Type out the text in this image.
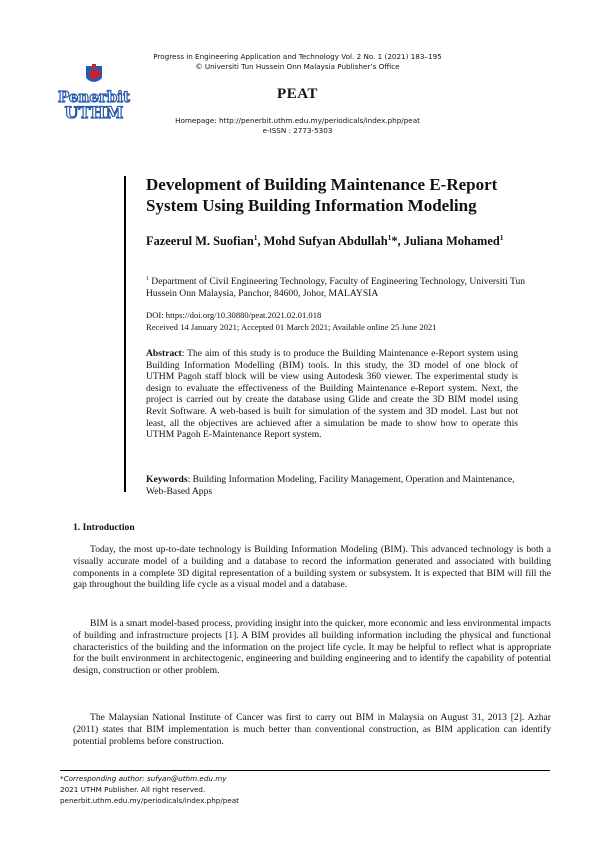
Progress in Engineering Application and Technology Vol. 2 No. 1 (2021) 183–195
© Universiti Tun Hussein Onn Malaysia Publisher’s Office
Penerbit
UTHM
PEAT
Homepage: http://penerbit.uthm.edu.my/periodicals/index.php/peat
e-ISSN : 2773-5303
Development of Building Maintenance E-Report System Using Building Information Modeling
Fazeerul M. Suofian$^1$, Mohd Sufyan Abdullah$^1$*, Juliana Mohamed$^1$
$^1$ Department of Civil Engineering Technology, Faculty of Engineering Technology, Universiti Tun Hussein Onn Malaysia, Panchor, 84600, Johor, MALAYSIA
DOI: https://doi.org/10.30880/peat.2021.02.01.018
Received 14 January 2021; Accepted 01 March 2021; Available online 25 June 2021
Abstract: The aim of this study is to produce the Building Maintenance e-Report system using Building Information Modelling (BIM) tools. In this study, the 3D model of one block of UTHM Pagoh staff block will be view using Autodesk 360 viewer. The experimental study is design to evaluate the effectiveness of the Building Maintenance e-Report system. Next, the project is carried out by create the database using Glide and create the 3D BIM model using Revit Software. A web-based is built for simulation of the system and 3D model. Last but not least, all the objectives are achieved after a simulation be made to show how to operate this UTHM Pagoh E-Maintenance Report system.
Keywords: Building Information Modeling, Facility Management, Operation and Maintenance, Web-Based Apps
1. Introduction
Today, the most up-to-date technology is Building Information Modeling (BIM). This advanced technology is both a visually accurate model of a building and a database to record the information generated and associated with building components in a complete 3D digital representation of a building system or subsystem. It is expected that BIM will fill the gap throughout the building life cycle as a visual model and a database.
BIM is a smart model-based process, providing insight into the quicker, more economic and less environmental impacts of building and infrastructure projects [1]. A BIM provides all building information including the physical and functional characteristics of the building and the information on the project life cycle. It may be helpful to reflect what is appropriate for the built environment in architectogenic, engineering and building engineering and to identify the capability of potential design, construction or other problem.
The Malaysian National Institute of Cancer was first to carry out BIM in Malaysia on August 31, 2013 [2]. Azhar (2011) states that BIM implementation is much better than conventional construction, as BIM application can identify potential problems before construction.
*Corresponding author: sufyan@uthm.edu.my
2021 UTHM Publisher. All right reserved.
penerbit.uthm.edu.my/periodicals/index.php/peat
